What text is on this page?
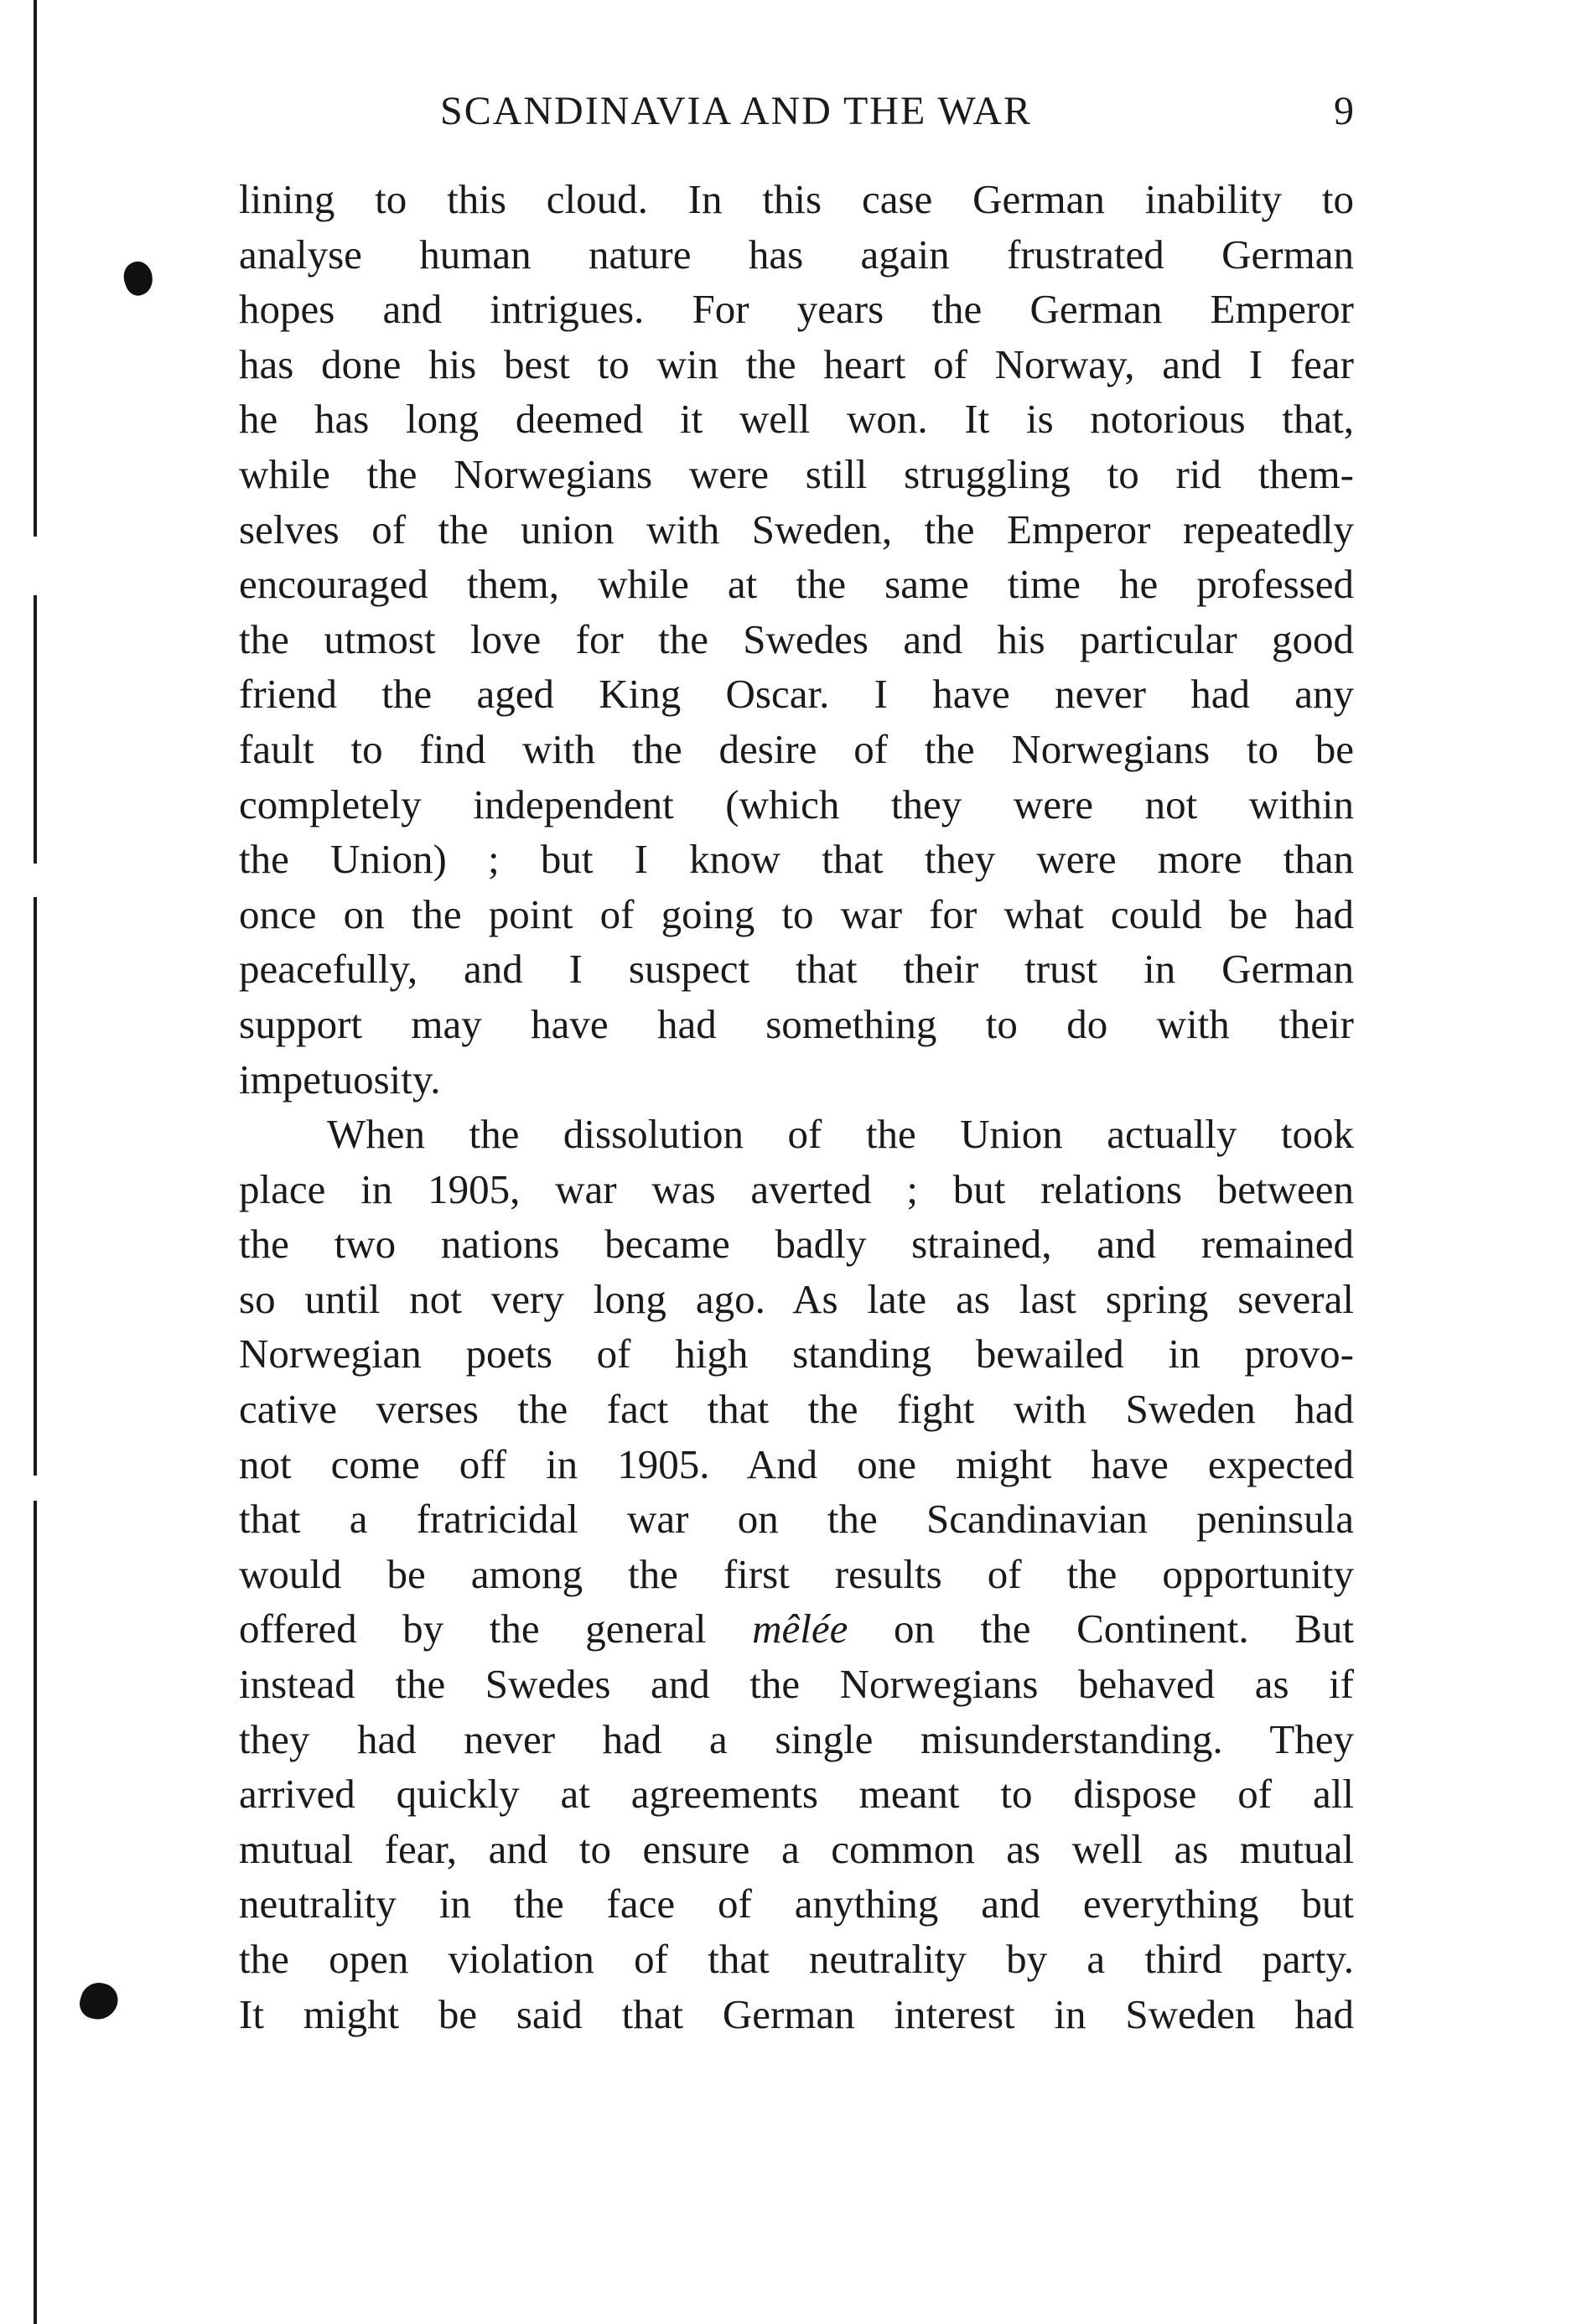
SCANDINAVIA AND THE WAR	9
lining to this cloud. In this case German inability to
analyse human nature has again frustrated German
hopes and intrigues. For years the German Emperor
has done his best to win the heart of Norway, and I fear
he has long deemed it well won. It is notorious that,
while the Norwegians were still struggling to rid them-
selves of the union with Sweden, the Emperor repeatedly
encouraged them, while at the same time he professed
the utmost love for the Swedes and his particular good
friend the aged King Oscar. I have never had any
fault to find with the desire of the Norwegians to be
completely independent (which they were not within
the Union) ; but I know that they were more than
once on the point of going to war for what could be had
peacefully, and I suspect that their trust in German
support may have had something to do with their
impetuosity.
When the dissolution of the Union actually took
place in 1905, war was averted ; but relations between
the two nations became badly strained, and remained
so until not very long ago. As late as last spring several
Norwegian poets of high standing bewailed in provo-
cative verses the fact that the fight with Sweden had
not come off in 1905. And one might have expected
that a fratricidal war on the Scandinavian peninsula
would be among the first results of the opportunity
offered by the general mêlée on the Continent. But
instead the Swedes and the Norwegians behaved as if
they had never had a single misunderstanding. They
arrived quickly at agreements meant to dispose of all
mutual fear, and to ensure a common as well as mutual
neutrality in the face of anything and everything but
the open violation of that neutrality by a third party.
It might be said that German interest in Sweden had
